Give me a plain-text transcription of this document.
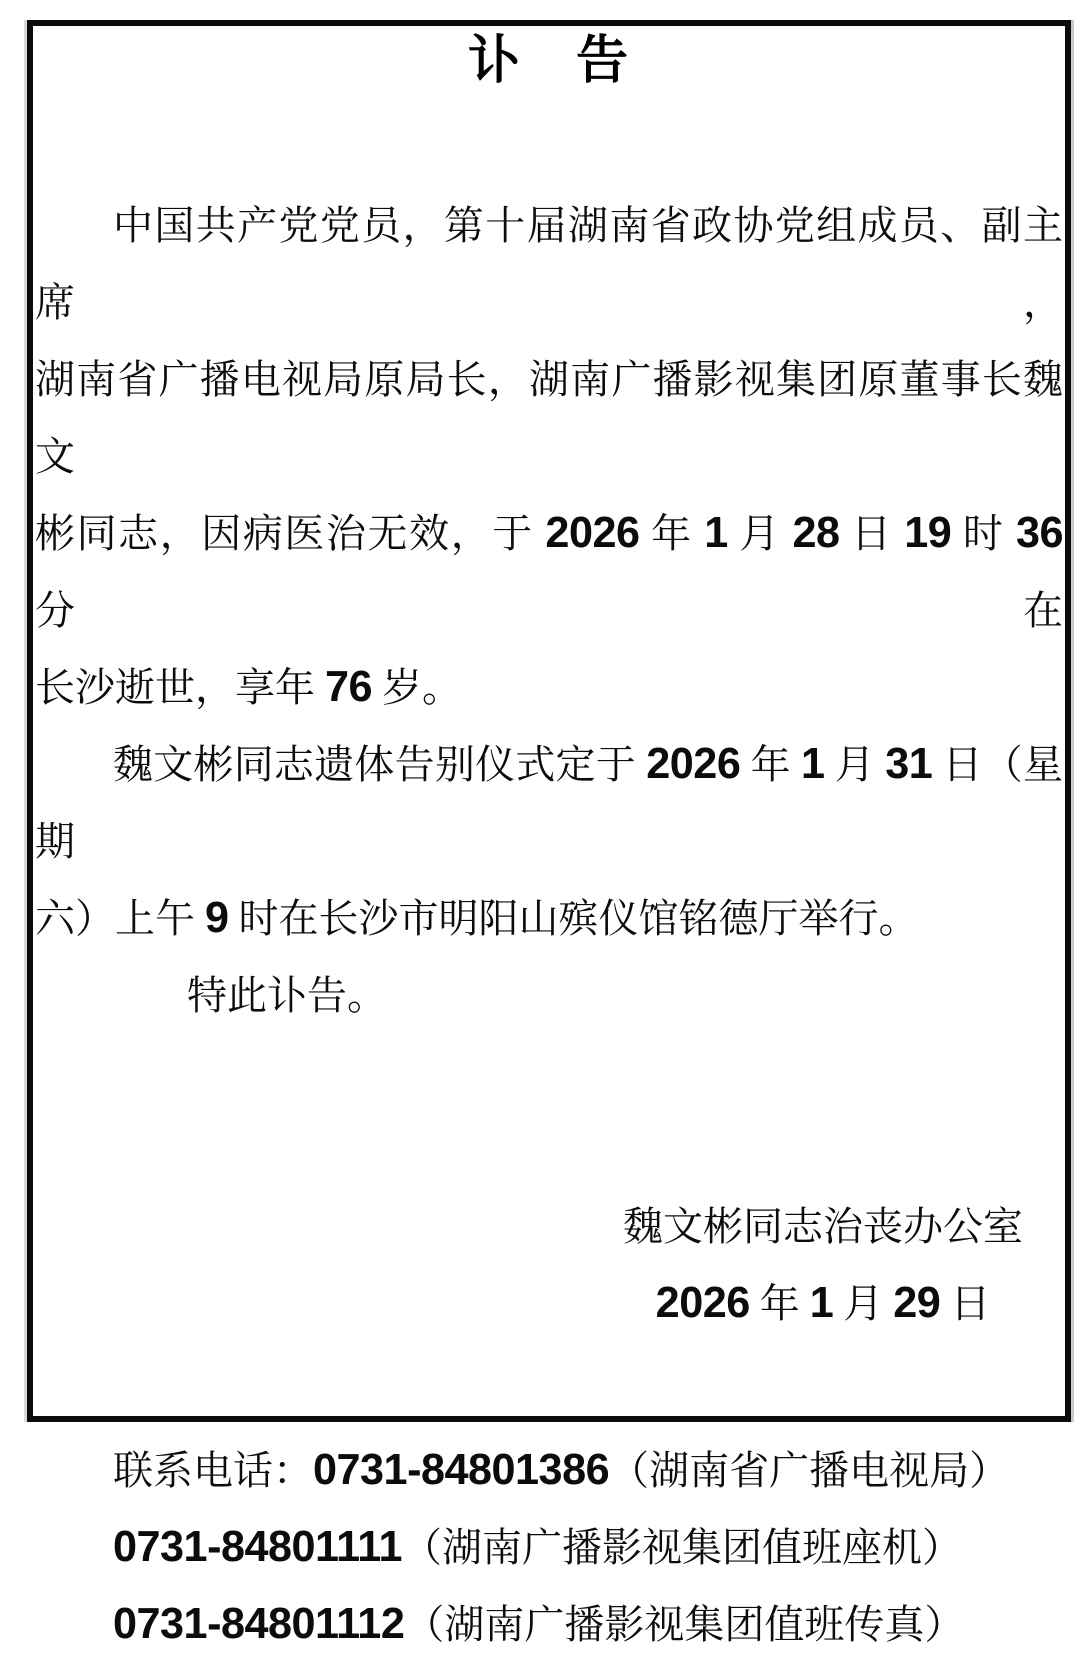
讣　告

中国共产党党员，第十届湖南省政协党组成员、副主席，

湖南省广播电视局原局长，湖南广播影视集团原董事长魏文

彬同志，因病医治无效，于 2026 年 1 月 28 日 19 时 36 分在

长沙逝世，享年 76 岁。

魏文彬同志遗体告别仪式定于 2026 年 1 月 31 日（星期

六）上午 9 时在长沙市明阳山殡仪馆铭德厅举行。

特此讣告。

魏文彬同志治丧办公室
2026 年 1 月 29 日

联系电话：0731-84801386（湖南省广播电视局）

0731-84801111（湖南广播影视集团值班座机）

0731-84801112（湖南广播影视集团值班传真）
